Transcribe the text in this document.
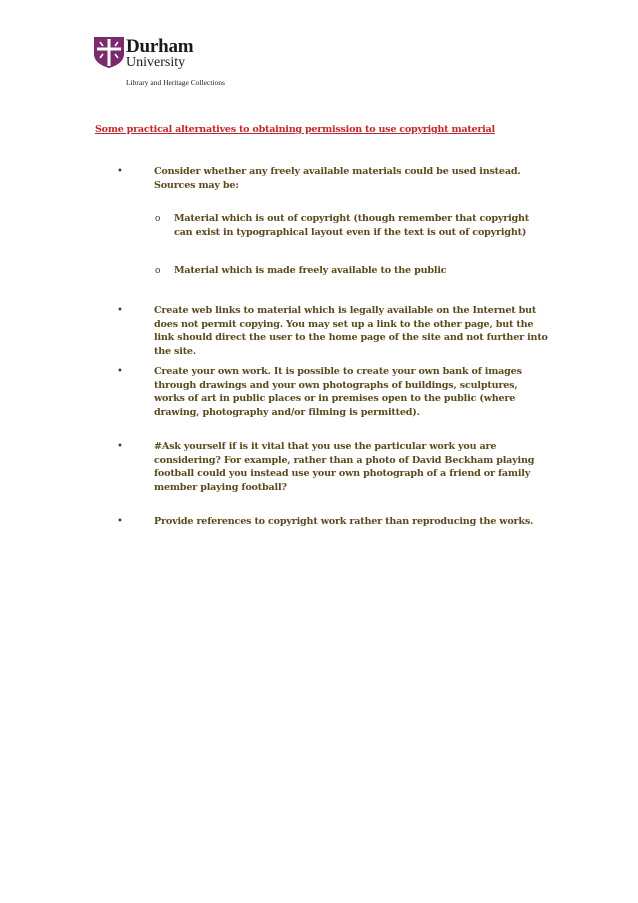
Durham
University
Library and Heritage Collections
Some practical alternatives to obtaining permission to use copyright material
•	Consider whether any freely available materials could be used instead. Sources may be:
o Material which is out of copyright (though remember that copyright can exist in typographical layout even if the text is out of copyright)
o Material which is made freely available to the public
•	Create web links to material which is legally available on the Internet but does not permit copying. You may set up a link to the other page, but the link should direct the user to the home page of the site and not further into the site.
•	Create your own work. It is possible to create your own bank of images through drawings and your own photographs of buildings, sculptures, works of art in public places or in premises open to the public (where drawing, photography and/or filming is permitted).
•	#Ask yourself if is it vital that you use the particular work you are considering? For example, rather than a photo of David Beckham playing football could you instead use your own photograph of a friend or family member playing football?
•	Provide references to copyright work rather than reproducing the works.
